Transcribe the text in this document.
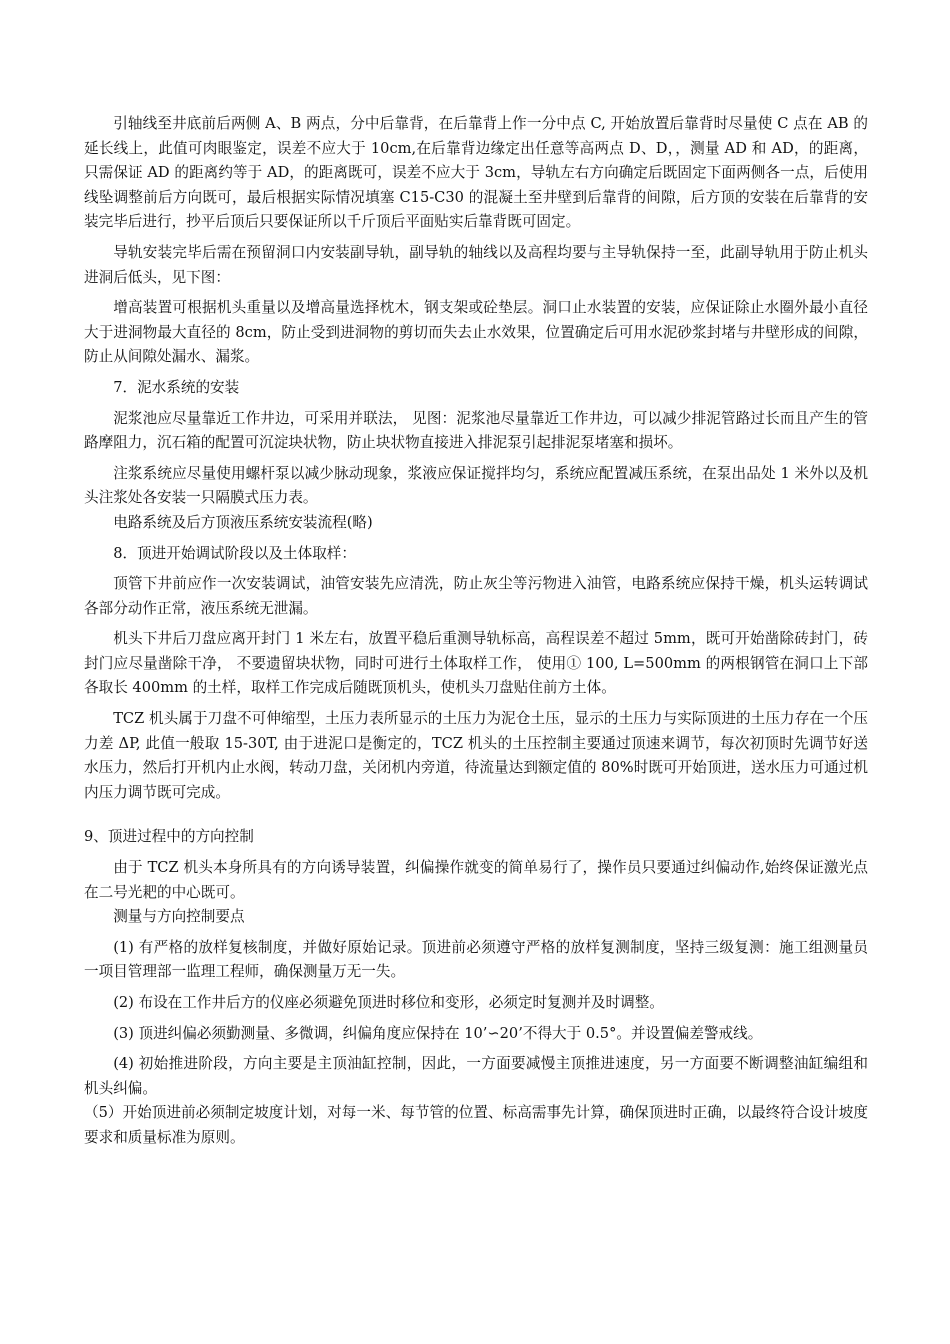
引轴线至井底前后两侧 A、B 两点，分中后靠背，在后靠背上作一分中点 C, 开始放置后靠背时尽量使 C 点在 AB 的延长线上，此值可肉眼鉴定，误差不应大于 10cm,在后靠背边缘定出任意等高两点 D、D，，测量 AD 和 AD，的距离，只需保证 AD 的距离约等于 AD，的距离既可，误差不应大于 3cm，导轨左右方向确定后既固定下面两侧各一点，后使用线坠调整前后方向既可，最后根据实际情况填塞 C15-C30 的混凝土至井壁到后靠背的间隙，后方顶的安装在后靠背的安装完毕后进行，抄平后顶后只要保证所以千斤顶后平面贴实后靠背既可固定。

导轨安装完毕后需在预留洞口内安装副导轨，副导轨的轴线以及高程均要与主导轨保持一至，此副导轨用于防止机头进洞后低头，见下图：

增高装置可根据机头重量以及增高量选择枕木，钢支架或砼垫层。洞口止水装置的安装，应保证除止水圈外最小直径大于进洞物最大直径的 8cm，防止受到进洞物的剪切而失去止水效果，位置确定后可用水泥砂浆封堵与井壁形成的间隙，防止从间隙处漏水、漏浆。

7．泥水系统的安装

泥浆池应尽量靠近工作井边，可采用并联法， 见图：泥浆池尽量靠近工作井边，可以减少排泥管路过长而且产生的管路摩阻力，沉石箱的配置可沉淀块状物，防止块状物直接进入排泥泵引起排泥泵堵塞和损坏。

注浆系统应尽量使用螺杆泵以减少脉动现象，浆液应保证搅拌均匀，系统应配置减压系统，在泵出品处 1 米外以及机头注浆处各安装一只隔膜式压力表。

电路系统及后方顶液压系统安装流程(略)

8．顶进开始调试阶段以及土体取样：

顶管下井前应作一次安装调试，油管安装先应清洗，防止灰尘等污物进入油管，电路系统应保持干燥，机头运转调试各部分动作正常，液压系统无泄漏。

机头下井后刀盘应离开封门 1 米左右，放置平稳后重测导轨标高，高程误差不超过 5mm，既可开始凿除砖封门，砖封门应尽量凿除干净， 不要遗留块状物，同时可进行土体取样工作， 使用① 100, L=500mm 的两根钢管在洞口上下部各取长 400mm 的土样，取样工作完成后随既顶机头，使机头刀盘贴住前方土体。

TCZ 机头属于刀盘不可伸缩型，土压力表所显示的土压力为泥仓土压，显示的土压力与实际顶进的土压力存在一个压力差 ΔP, 此值一般取 15-30T, 由于进泥口是衡定的，TCZ 机头的土压控制主要通过顶速来调节，每次初顶时先调节好送水压力，然后打开机内止水阀，转动刀盘，关闭机内旁道，待流量达到额定值的 80%时既可开始顶进，送水压力可通过机内压力调节既可完成。

9、顶进过程中的方向控制

由于 TCZ 机头本身所具有的方向诱导装置，纠偏操作就变的简单易行了，操作员只要通过纠偏动作,始终保证激光点在二号光耙的中心既可。

测量与方向控制要点

(1) 有严格的放样复核制度，并做好原始记录。顶进前必须遵守严格的放样复测制度，坚持三级复测：施工组测量员一项目管理部一监理工程师，确保测量万无一失。

(2) 布设在工作井后方的仪座必须避免顶进时移位和变形，必须定时复测并及时调整。

(3) 顶进纠偏必须勤测量、多微调，纠偏角度应保持在 10’∽20’不得大于 0.5°。并设置偏差警戒线。

(4) 初始推进阶段，方向主要是主顶油缸控制，因此，一方面要减慢主顶推进速度，另一方面要不断调整油缸编组和机头纠偏。

（5）开始顶进前必须制定坡度计划，对每一米、每节管的位置、标高需事先计算，确保顶进时正确，以最终符合设计坡度要求和质量标准为原则。
